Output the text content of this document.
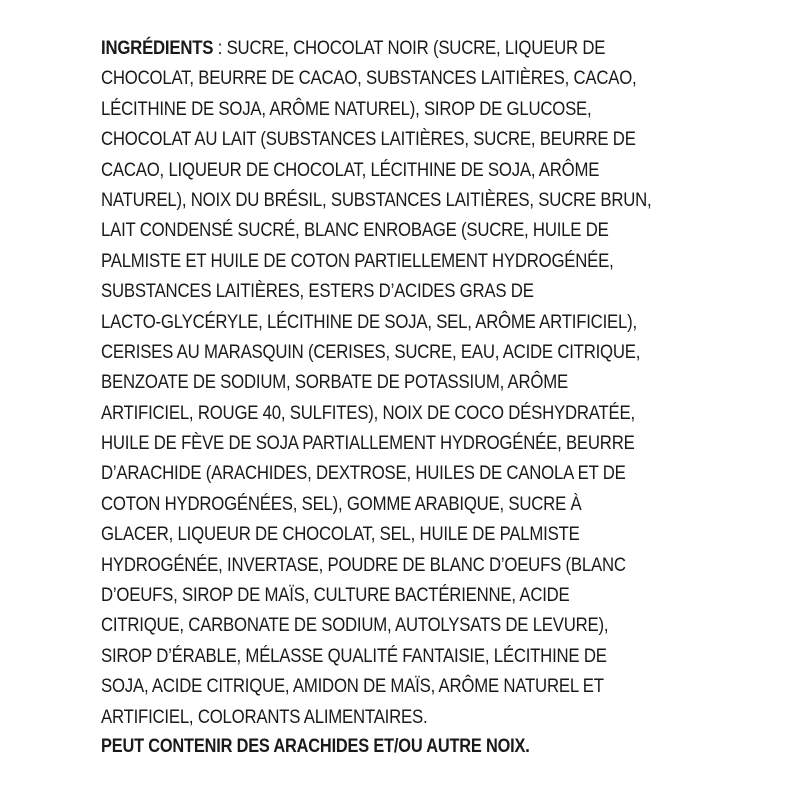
INGRÉDIENTS : SUCRE, CHOCOLAT NOIR (SUCRE, LIQUEUR DE
CHOCOLAT, BEURRE DE CACAO, SUBSTANCES LAITIÈRES, CACAO,
LÉCITHINE DE SOJA, ARÔME NATUREL), SIROP DE GLUCOSE,
CHOCOLAT AU LAIT (SUBSTANCES LAITIÈRES, SUCRE, BEURRE DE
CACAO, LIQUEUR DE CHOCOLAT, LÉCITHINE DE SOJA, ARÔME
NATUREL), NOIX DU BRÉSIL, SUBSTANCES LAITIÈRES, SUCRE BRUN,
LAIT CONDENSÉ SUCRÉ, BLANC ENROBAGE (SUCRE, HUILE DE
PALMISTE ET HUILE DE COTON PARTIELLEMENT HYDROGÉNÉE,
SUBSTANCES LAITIÈRES, ESTERS D’ACIDES GRAS DE
LACTO-GLYCÉRYLE, LÉCITHINE DE SOJA, SEL, ARÔME ARTIFICIEL),
CERISES AU MARASQUIN (CERISES, SUCRE, EAU, ACIDE CITRIQUE,
BENZOATE DE SODIUM, SORBATE DE POTASSIUM, ARÔME
ARTIFICIEL, ROUGE 40, SULFITES), NOIX DE COCO DÉSHYDRATÉE,
HUILE DE FÈVE DE SOJA PARTIALLEMENT HYDROGÉNÉE, BEURRE
D’ARACHIDE (ARACHIDES, DEXTROSE, HUILES DE CANOLA ET DE
COTON HYDROGÉNÉES, SEL), GOMME ARABIQUE, SUCRE À
GLACER, LIQUEUR DE CHOCOLAT, SEL, HUILE DE PALMISTE
HYDROGÉNÉE, INVERTASE, POUDRE DE BLANC D’OEUFS (BLANC
D’OEUFS, SIROP DE MAÏS, CULTURE BACTÉRIENNE, ACIDE
CITRIQUE, CARBONATE DE SODIUM, AUTOLYSATS DE LEVURE),
SIROP D’ÉRABLE, MÉLASSE QUALITÉ FANTAISIE, LÉCITHINE DE
SOJA, ACIDE CITRIQUE, AMIDON DE MAÏS, ARÔME NATUREL ET
ARTIFICIEL, COLORANTS ALIMENTAIRES.
PEUT CONTENIR DES ARACHIDES ET/OU AUTRE NOIX.
